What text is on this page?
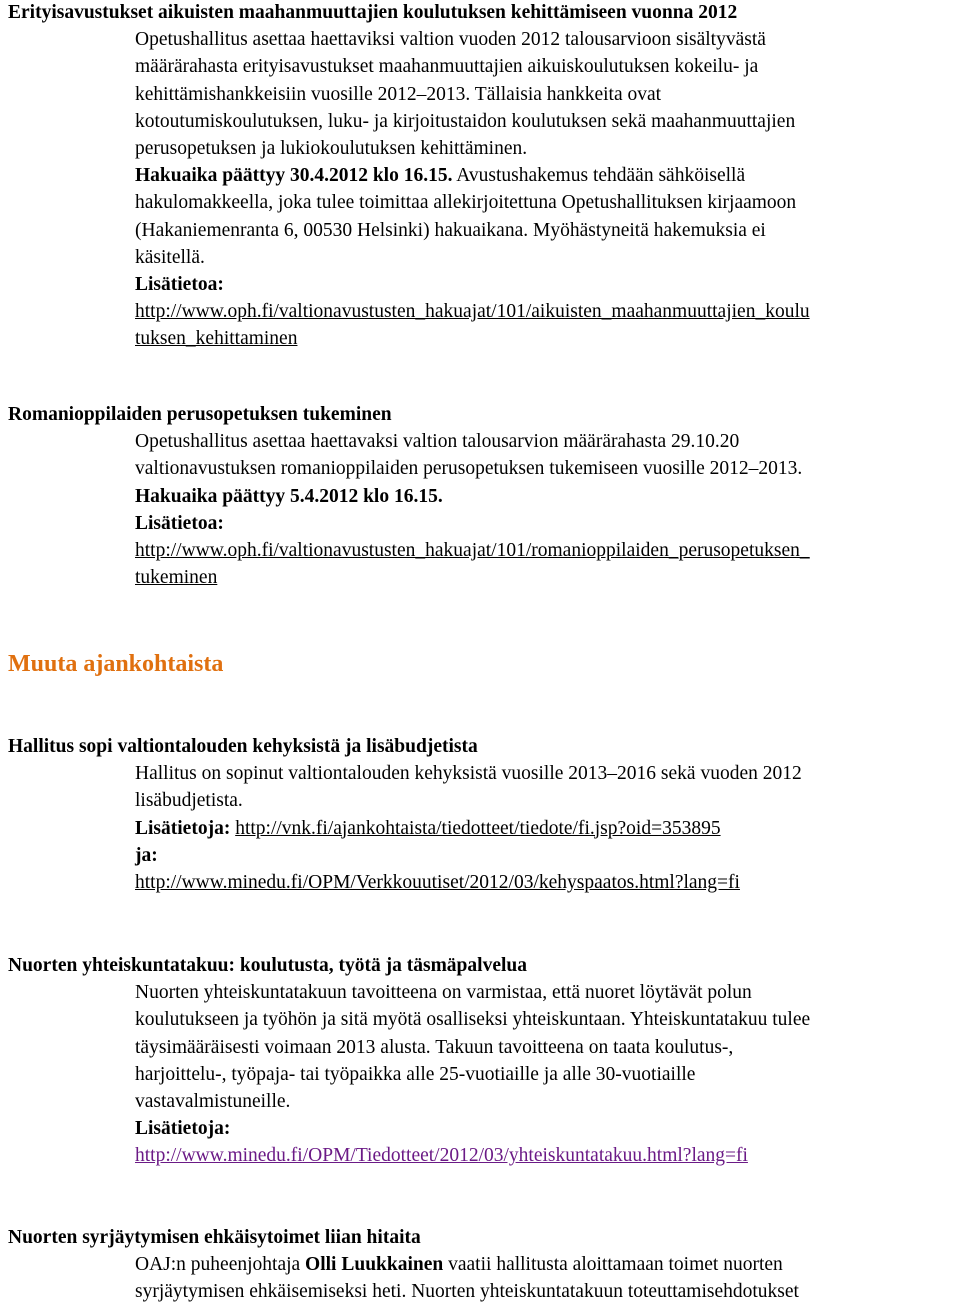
Erityisavustukset aikuisten maahanmuuttajien koulutuksen kehittämiseen vuonna 2012

Opetushallitus asettaa haettaviksi valtion vuoden 2012 talousarvioon sisältyvästä
määrärahasta erityisavustukset maahanmuuttajien aikuiskoulutuksen kokeilu- ja
kehittämishankkeisiin vuosille 2012–2013. Tällaisia hankkeita ovat
kotoutumiskoulutuksen, luku- ja kirjoitustaidon koulutuksen sekä maahanmuuttajien
perusopetuksen ja lukiokoulutuksen kehittäminen.
Hakuaika päättyy 30.4.2012 klo 16.15. Avustushakemus tehdään sähköisellä
hakulomakkeella, joka tulee toimittaa allekirjoitettuna Opetushallituksen kirjaamoon
(Hakaniemenranta 6, 00530 Helsinki) hakuaikana. Myöhästyneitä hakemuksia ei
käsitellä.
Lisätietoa:
http://www.oph.fi/valtionavustusten_hakuajat/101/aikuisten_maahanmuuttajien_koulu
tuksen_kehittaminen

Romanioppilaiden perusopetuksen tukeminen

Opetushallitus asettaa haettavaksi valtion talousarvion määrärahasta 29.10.20
valtionavustuksen romanioppilaiden perusopetuksen tukemiseen vuosille 2012–2013.
Hakuaika päättyy 5.4.2012 klo 16.15.
Lisätietoa:
http://www.oph.fi/valtionavustusten_hakuajat/101/romanioppilaiden_perusopetuksen_
tukeminen

Muuta ajankohtaista

Hallitus sopi valtiontalouden kehyksistä ja lisäbudjetista

Hallitus on sopinut valtiontalouden kehyksistä vuosille 2013–2016 sekä vuoden 2012
lisäbudjetista.
Lisätietoja: http://vnk.fi/ajankohtaista/tiedotteet/tiedote/fi.jsp?oid=353895
ja:
http://www.minedu.fi/OPM/Verkkouutiset/2012/03/kehyspaatos.html?lang=fi

Nuorten yhteiskuntatakuu: koulutusta, työtä ja täsmäpalvelua

Nuorten yhteiskuntatakuun tavoitteena on varmistaa, että nuoret löytävät polun
koulutukseen ja työhön ja sitä myötä osalliseksi yhteiskuntaan. Yhteiskuntatakuu tulee
täysimääräisesti voimaan 2013 alusta. Takuun tavoitteena on taata koulutus-,
harjoittelu-, työpaja- tai työpaikka alle 25-vuotiaille ja alle 30-vuotiaille
vastavalmistuneille.
Lisätietoja:
http://www.minedu.fi/OPM/Tiedotteet/2012/03/yhteiskuntatakuu.html?lang=fi

Nuorten syrjäytymisen ehkäisytoimet liian hitaita

OAJ:n puheenjohtaja Olli Luukkainen vaatii hallitusta aloittamaan toimet nuorten
syrjäytymisen ehkäisemiseksi heti. Nuorten yhteiskuntatakuun toteuttamisehdotukset
